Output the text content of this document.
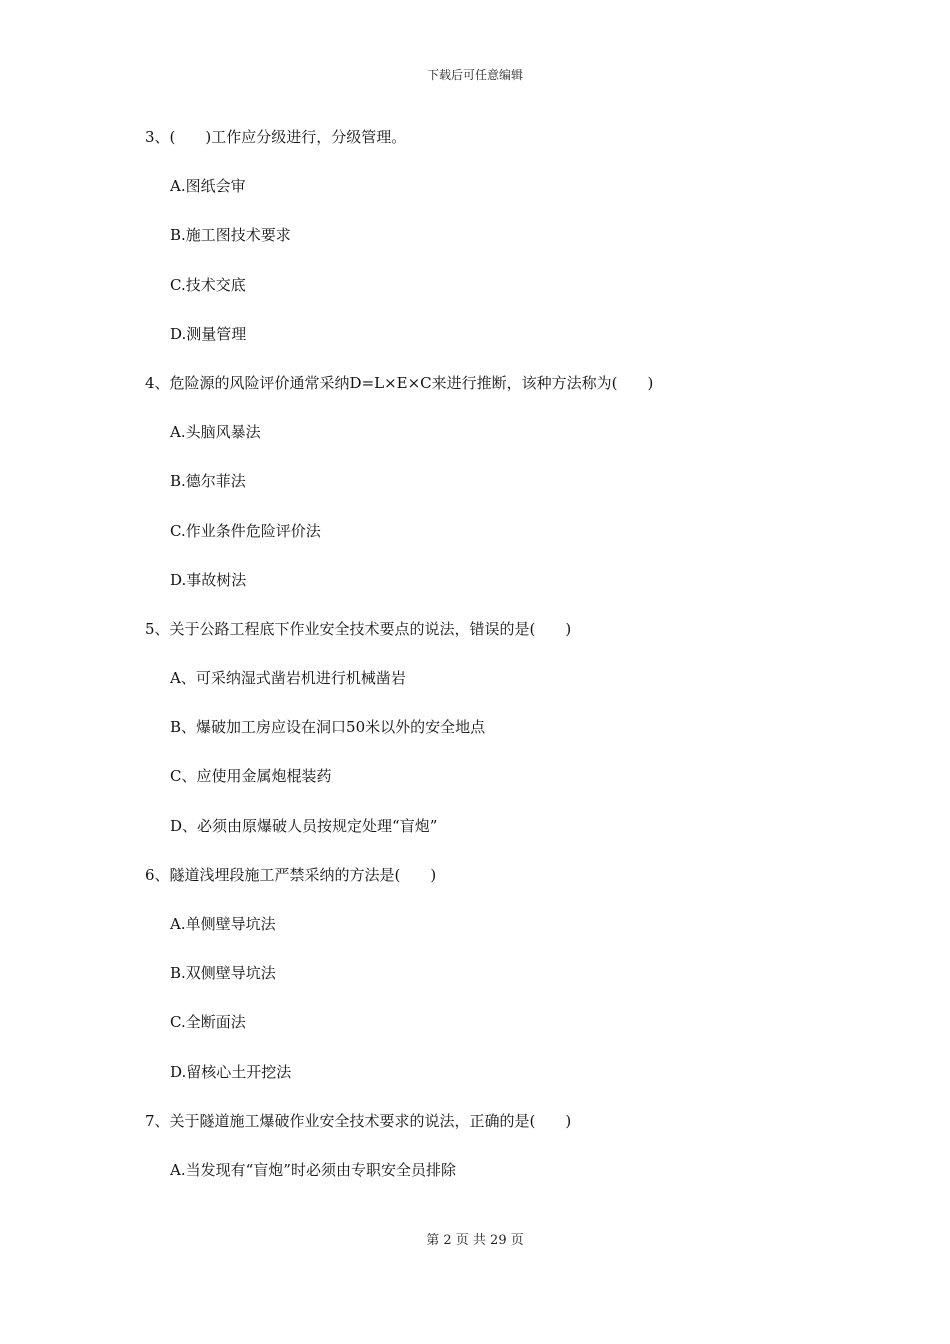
下载后可任意编辑
3、(　　)工作应分级进行，分级管理。
A.图纸会审
B.施工图技术要求
C.技术交底
D.测量管理
4、危险源的风险评价通常采纳D=L×E×C来进行推断，该种方法称为(　　)
A.头脑风暴法
B.德尔菲法
C.作业条件危险评价法
D.事故树法
5、关于公路工程底下作业安全技术要点的说法，错误的是(　　)
A、可采纳湿式凿岩机进行机械凿岩
B、爆破加工房应设在洞口50米以外的安全地点
C、应使用金属炮棍装药
D、必须由原爆破人员按规定处理“盲炮”
6、隧道浅埋段施工严禁采纳的方法是(　　)
A.单侧壁导坑法
B.双侧壁导坑法
C.全断面法
D.留核心土开挖法
7、关于隧道施工爆破作业安全技术要求的说法，正确的是(　　)
A.当发现有“盲炮”时必须由专职安全员排除
第 2 页 共 29 页
